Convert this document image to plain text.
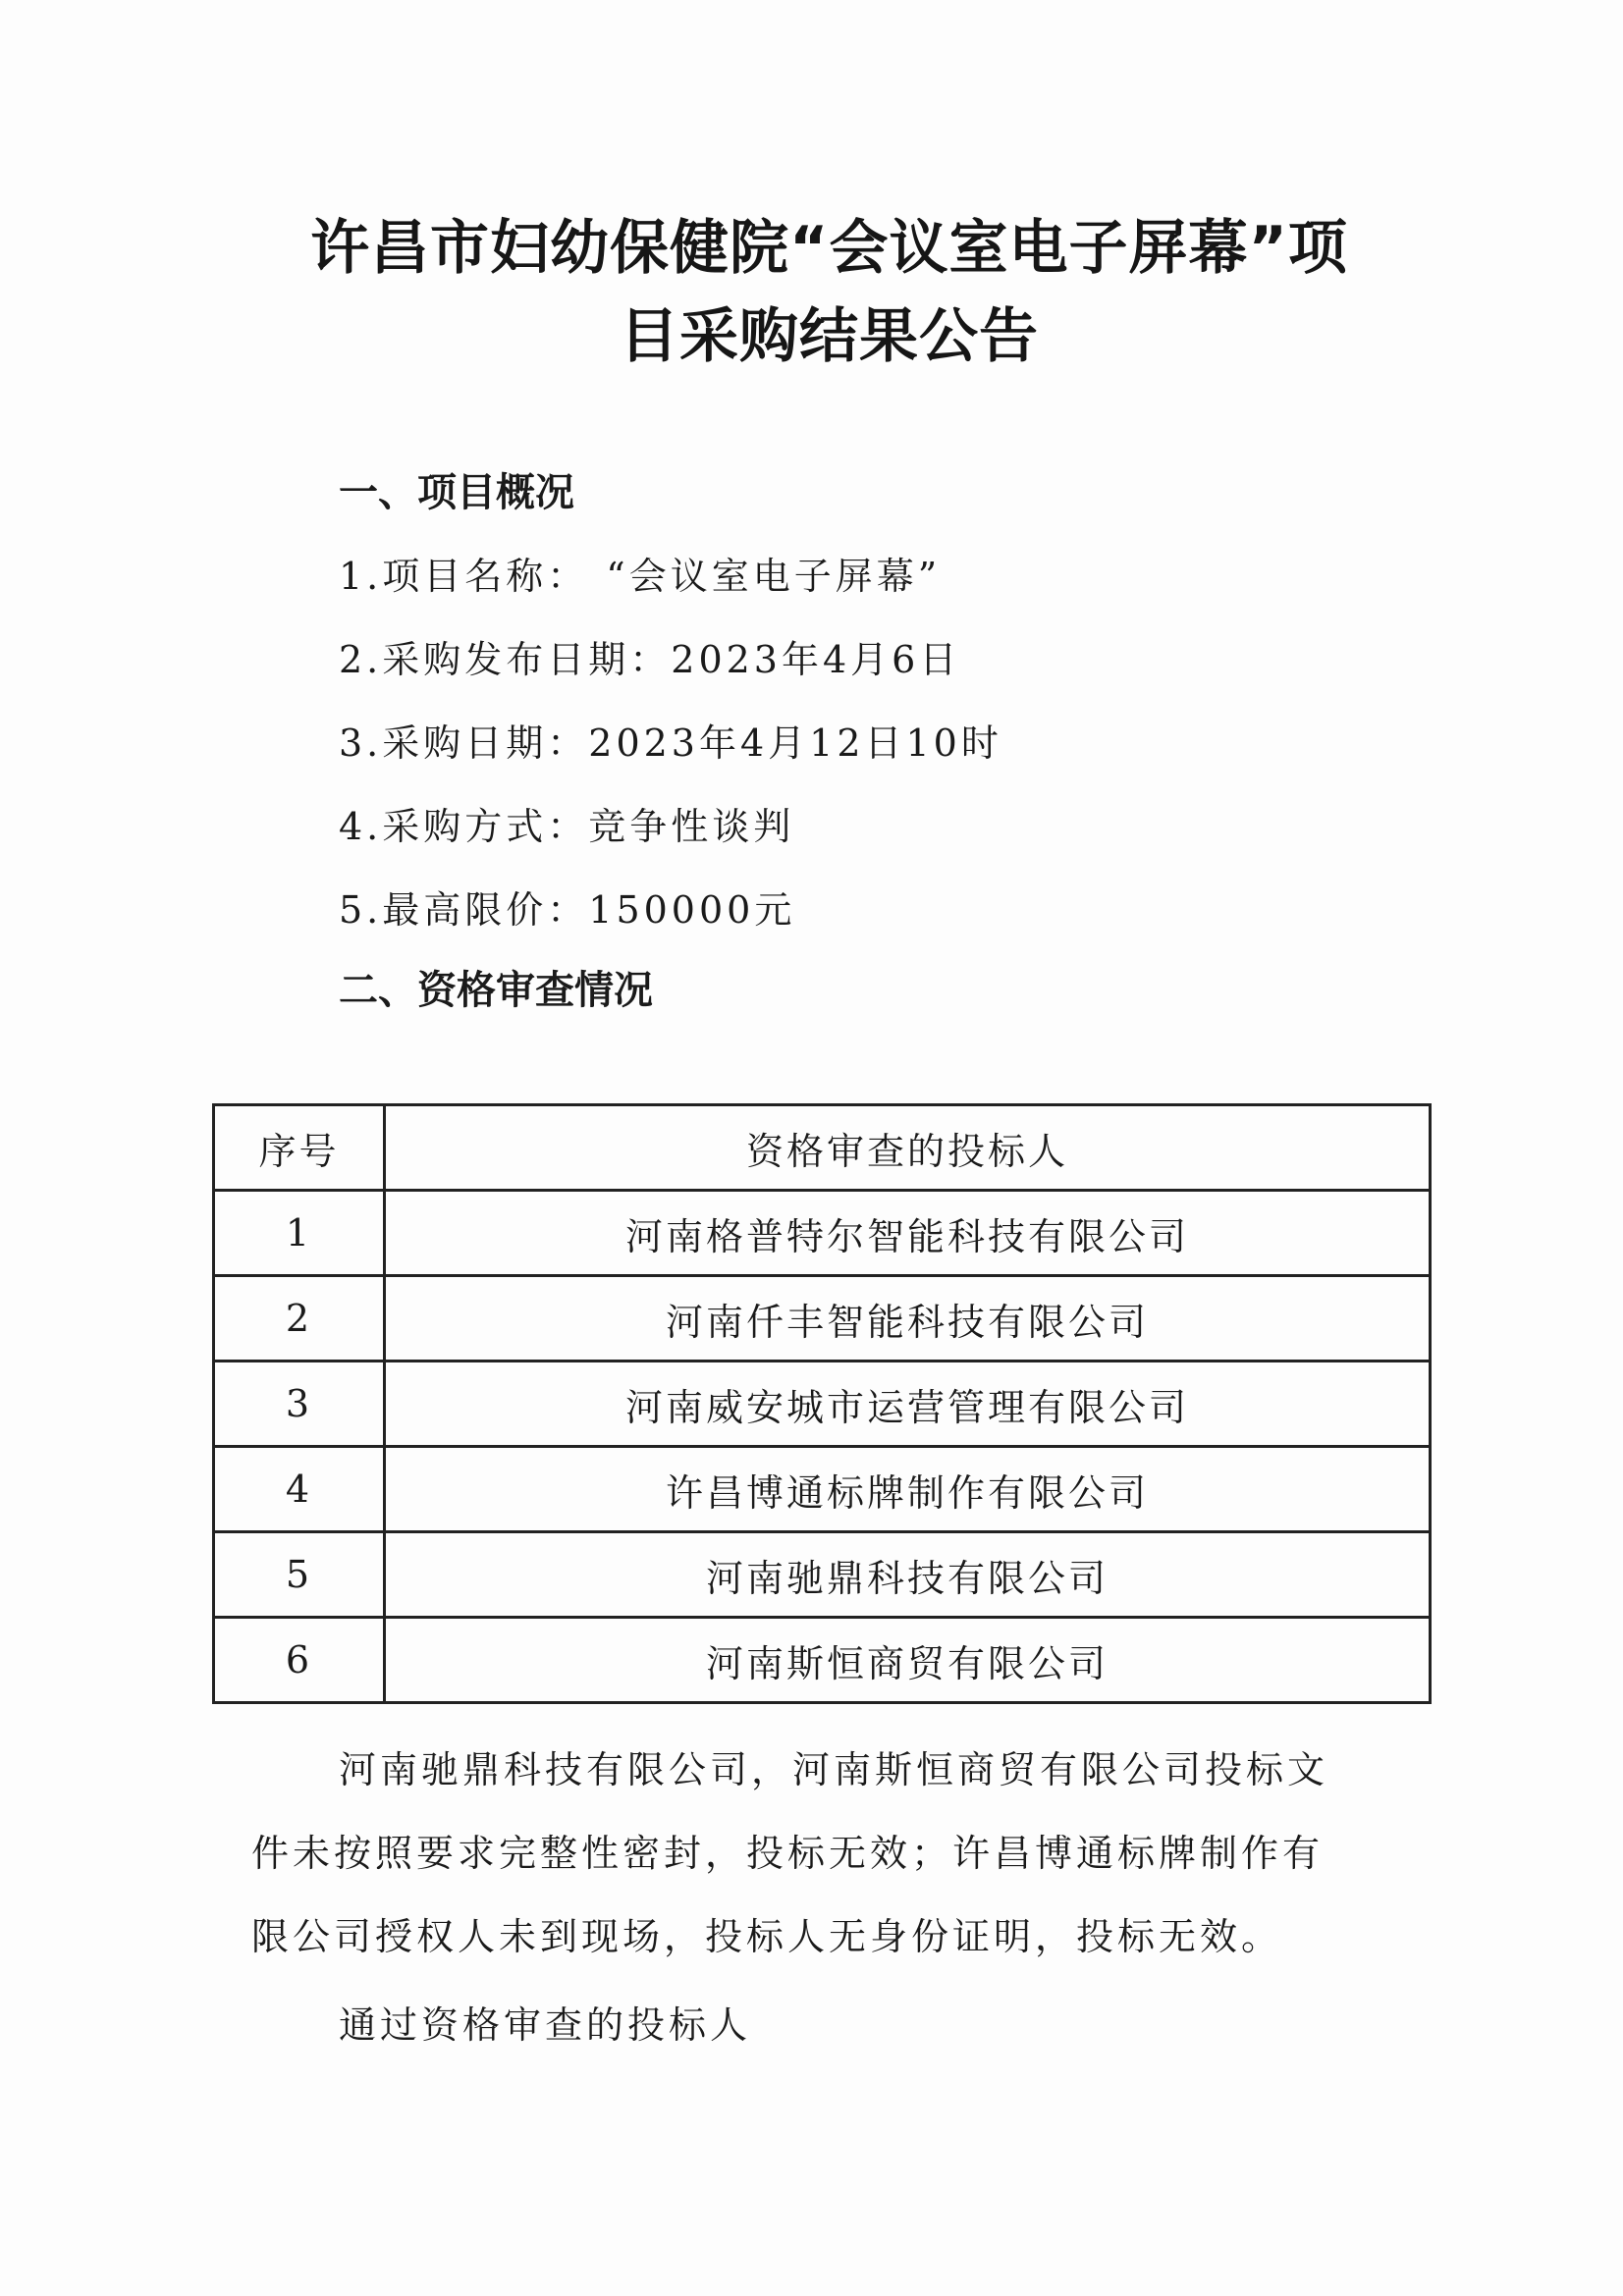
许昌市妇幼保健院“会议室电子屏幕”项
目采购结果公告
一、项目概况
1.项目名称： “会议室电子屏幕”
2.采购发布日期：2023年4月6日
3.采购日期：2023年4月12日10时
4.采购方式：竞争性谈判
5.最高限价：150000元
二、资格审查情况
序号	资格审查的投标人
1	河南格普特尔智能科技有限公司
2	河南仟丰智能科技有限公司
3	河南威安城市运营管理有限公司
4	许昌博通标牌制作有限公司
5	河南驰鼎科技有限公司
6	河南斯恒商贸有限公司
河南驰鼎科技有限公司，河南斯恒商贸有限公司投标文
件未按照要求完整性密封，投标无效；许昌博通标牌制作有
限公司授权人未到现场，投标人无身份证明，投标无效。
通过资格审查的投标人
